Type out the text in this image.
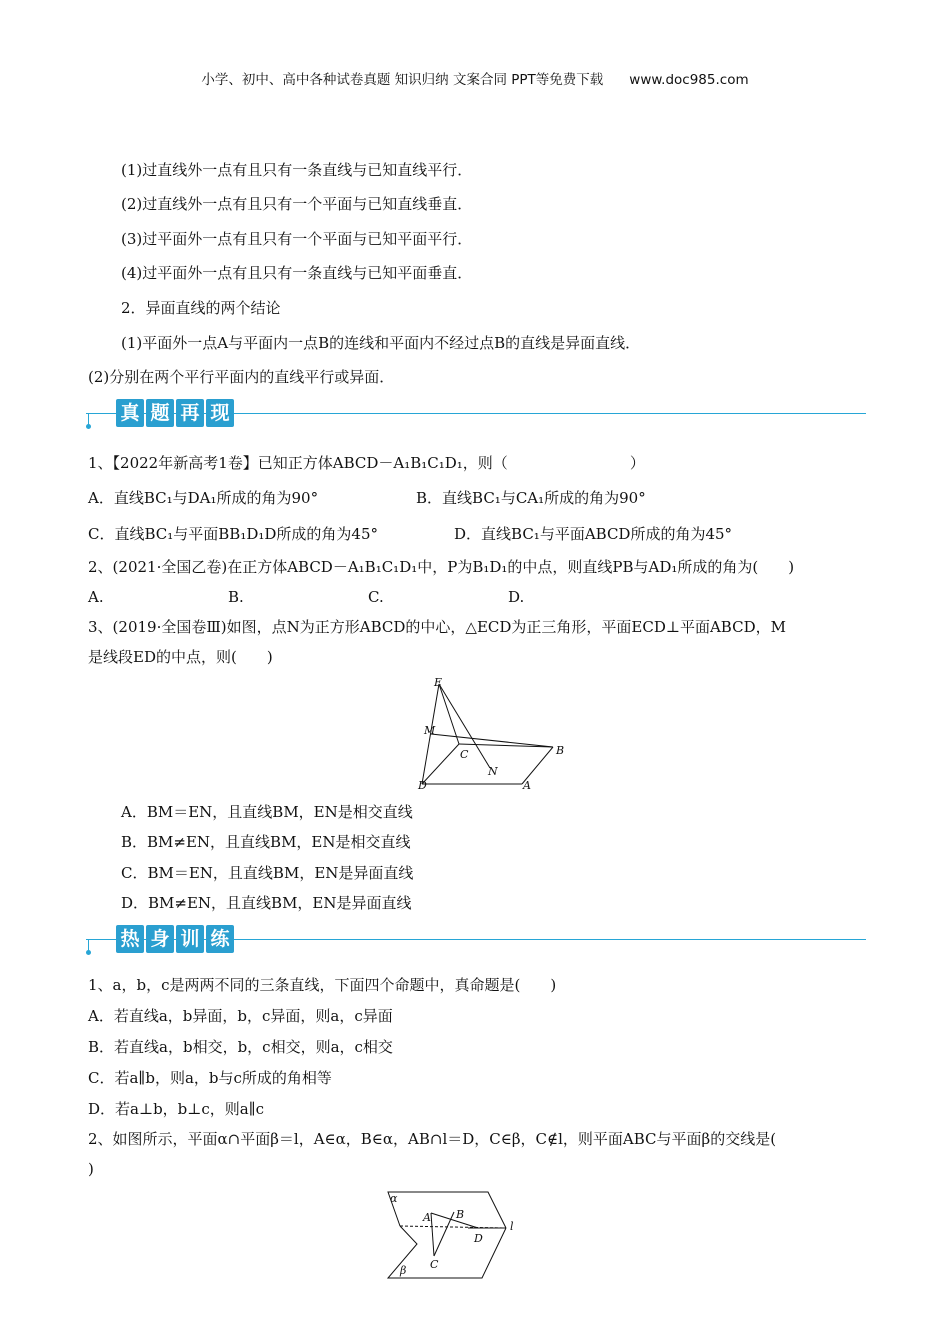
小学、初中、高中各种试卷真题 知识归纳 文案合同 PPT等免费下载 www.doc985.com
(1)过直线外一点有且只有一条直线与已知直线平行．
(2)过直线外一点有且只有一个平面与已知直线垂直．
(3)过平面外一点有且只有一个平面与已知平面平行．
(4)过平面外一点有且只有一条直线与已知平面垂直．
2．异面直线的两个结论
(1)平面外一点A与平面内一点B的连线和平面内不经过点B的直线是异面直线．
(2)分别在两个平行平面内的直线平行或异面．
真 题 再 现
1、【2022年新高考1卷】已知正方体ABCD－A₁B₁C₁D₁，则（	）
A．直线BC₁与DA₁所成的角为90°	B．直线BC₁与CA₁所成的角为90°
C．直线BC₁与平面BB₁D₁D所成的角为45°	D．直线BC₁与平面ABCD所成的角为45°
2、(2021·全国乙卷)在正方体ABCD－A₁B₁C₁D₁中，P为B₁D₁的中点，则直线PB与AD₁所成的角为(　　)
A.	B.	C.	D.
3、(2019·全国卷Ⅲ)如图，点N为正方形ABCD的中心，△ECD为正三角形，平面ECD⊥平面ABCD，M
是线段ED的中点，则(　　)
E
M
C	B
N
D	A
A．BM＝EN，且直线BM，EN是相交直线
B．BM≠EN，且直线BM，EN是相交直线
C．BM＝EN，且直线BM，EN是异面直线
D．BM≠EN，且直线BM，EN是异面直线
热 身 训 练
1、a，b，c是两两不同的三条直线，下面四个命题中，真命题是(　　)
A．若直线a，b异面，b，c异面，则a，c异面
B．若直线a，b相交，b，c相交，则a，c相交
C．若a∥b，则a，b与c所成的角相等
D．若a⊥b，b⊥c，则a∥c
2、如图所示，平面α∩平面β＝l，A∈α，B∈α，AB∩l＝D，C∈β，C∉l，则平面ABC与平面β的交线是(
)
α
A B
D
l
C
β
